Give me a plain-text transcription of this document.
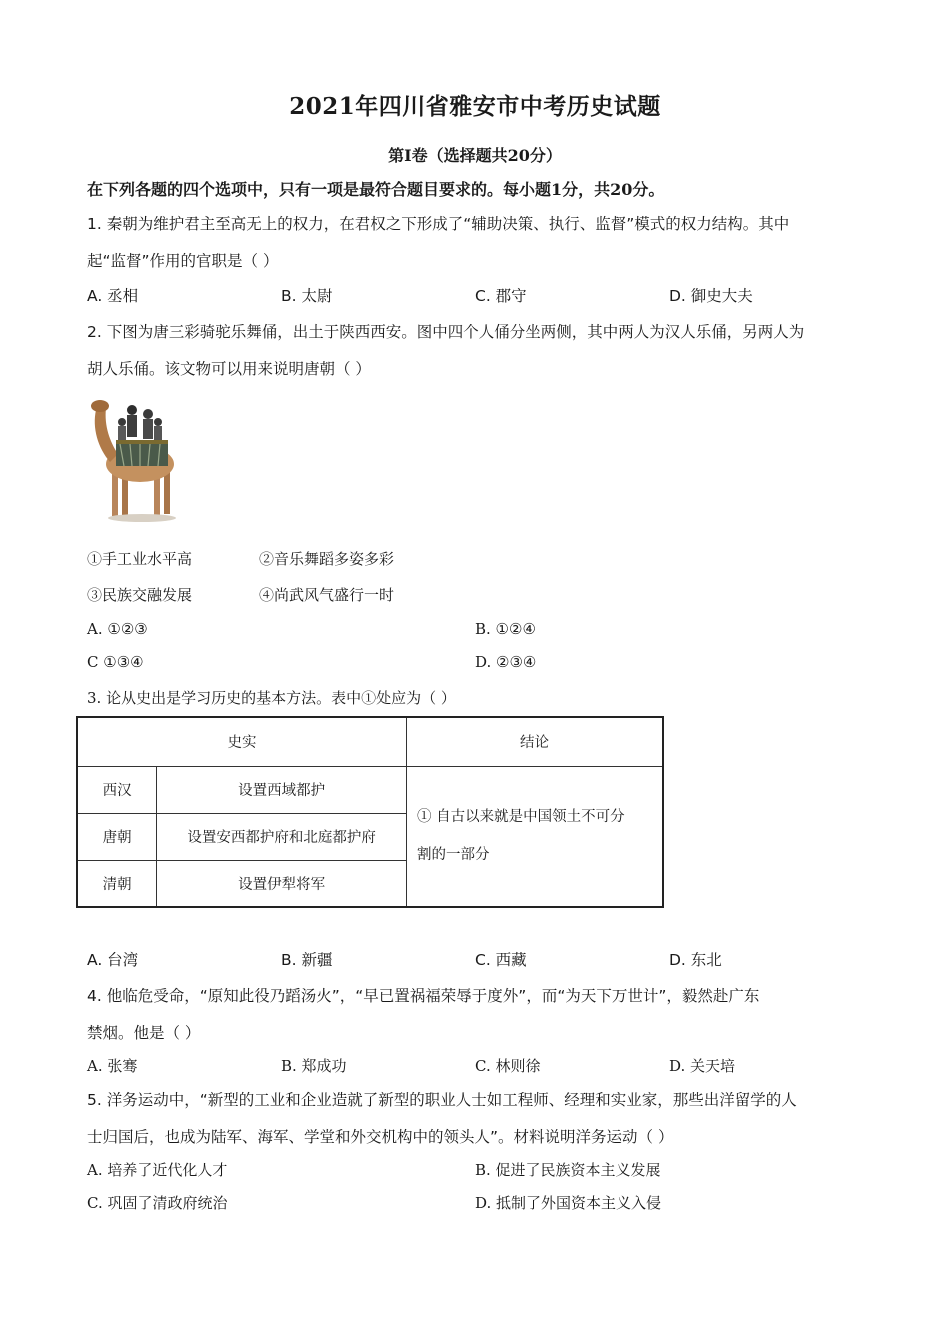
2021年四川省雅安市中考历史试题
第Ⅰ卷（选择题共20分）
在下列各题的四个选项中，只有一项是最符合题目要求的。每小题1分，共20分。
1. 秦朝为维护君主至高无上的权力，在君权之下形成了“辅助决策、执行、监督”模式的权力结构。其中
起“监督”作用的官职是（ ）
A. 丞相	B. 太尉	C. 郡守	D. 御史大夫
2. 下图为唐三彩骑驼乐舞俑，出土于陕西西安。图中四个人俑分坐两侧，其中两人为汉人乐俑，另两人为
胡人乐俑。该文物可以用来说明唐朝（ ）
①手工业水平高	②音乐舞蹈多姿多彩
③民族交融发展	④尚武风气盛行一时
A. ①②③	B. ①②④
C ①③④	D. ②③④
3. 论从史出是学习历史的基本方法。表中①处应为（ ）
史实		结论
西汉	设置西域都护	① 自古以来就是中国领土不可分
割的一部分

唐朝	设置安西都护府和北庭都护府	
清朝	设置伊犁将军	
A. 台湾	B. 新疆	C. 西藏	D. 东北
4. 他临危受命，“原知此役乃蹈汤火”，“早已置祸福荣辱于度外”，而“为天下万世计”，毅然赴广东
禁烟。他是（ ）
A. 张骞	B. 郑成功	C. 林则徐	D. 关天培
5. 洋务运动中，“新型的工业和企业造就了新型的职业人士如工程师、经理和实业家，那些出洋留学的人
士归国后，也成为陆军、海军、学堂和外交机构中的领头人”。材料说明洋务运动（ ）
A. 培养了近代化人才	B. 促进了民族资本主义发展
C. 巩固了清政府统治	D. 抵制了外国资本主义入侵
